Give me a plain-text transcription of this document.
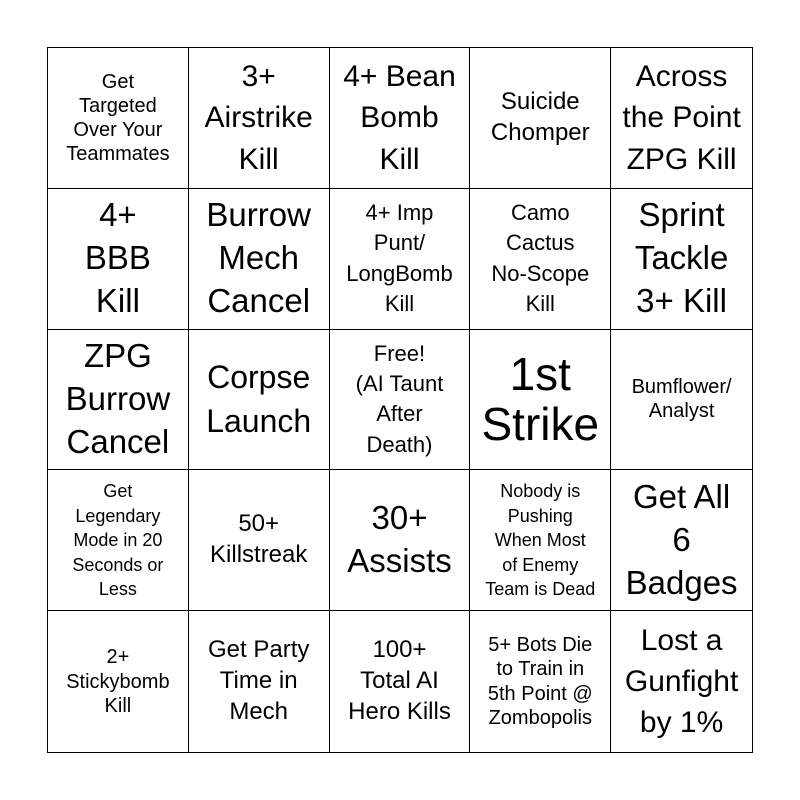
Get
Targeted
Over Your
Teammates
3+
Airstrike
Kill
4+ Bean
Bomb
Kill
Suicide
Chomper
Across
the Point
ZPG Kill
4+
BBB
Kill
Burrow
Mech
Cancel
4+ Imp
Punt/
LongBomb
Kill
Camo
Cactus
No-Scope
Kill
Sprint
Tackle
3+ Kill
ZPG
Burrow
Cancel
Corpse
Launch
Free!
(AI Taunt
After
Death)
1st
Strike
Bumflower/
Analyst
Get
Legendary
Mode in 20
Seconds or
Less
50+
Killstreak
30+
Assists
Nobody is
Pushing
When Most
of Enemy
Team is Dead
Get All
6
Badges
2+
Stickybomb
Kill
Get Party
Time in
Mech
100+
Total AI
Hero Kills
5+ Bots Die
to Train in
5th Point @
Zombopolis
Lost a
Gunfight
by 1%
